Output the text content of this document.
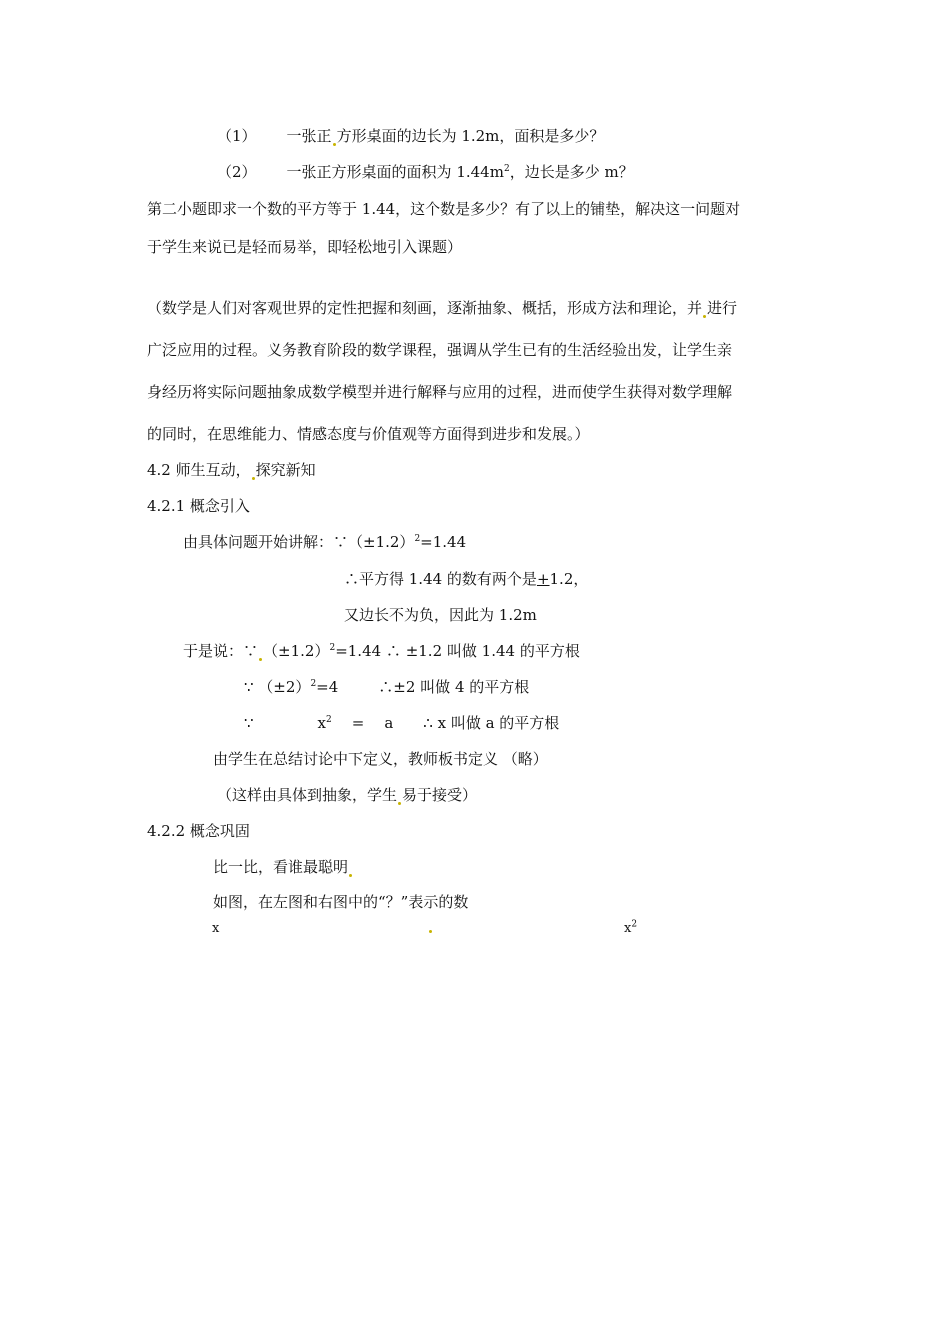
（1） 一张正 方形桌面的边长为 1.2m，面积是多少？
（2） 一张正方形桌面的面积为 $1.44m^2$，边长是多少 m？
第二小题即求一个数的平方等于 1.44，这个数是多少？有了以上的铺垫，解决这一问题对
于学生来说已是轻而易举，即轻松地引入课题）
（数学是人们对客观世界的定性把握和刻画，逐渐抽象、概括，形成方法和理论，并 进行
广泛应用的过程。义务教育阶段的数学课程，强调从学生已有的生活经验出发，让学生亲
身经历将实际问题抽象成数学模型并进行解释与应用的过程，进而使学生获得对数学理解
的同时，在思维能力、情感态度与价值观等方面得到进步和发展。）
4.2 师生互动， 探究新知
4.2.1 概念引入
由具体问题开始讲解：$\because(\pm 1.2)^2=1.44$
∴平方得 1.44 的数有两个是+1.2，
又边长不为负，因此为 1.2m
于是说：∵ $(\pm 1.2)^2=1.44$ ∴ ±1.2 叫做 1.44 的平方根
∵ $(\pm 2)^2=4$	∴±2 叫做 4 的平方根
∵	$x^2 = a$ ∴ x 叫做 a 的平方根
由学生在总结讨论中下定义，教师板书定义 （略）
（这样由具体到抽象，学生 易于接受）
4.2.2 概念巩固
比一比，看谁最聪明
如图，在左图和右图中的“？”表示的数
x	$x^2$
